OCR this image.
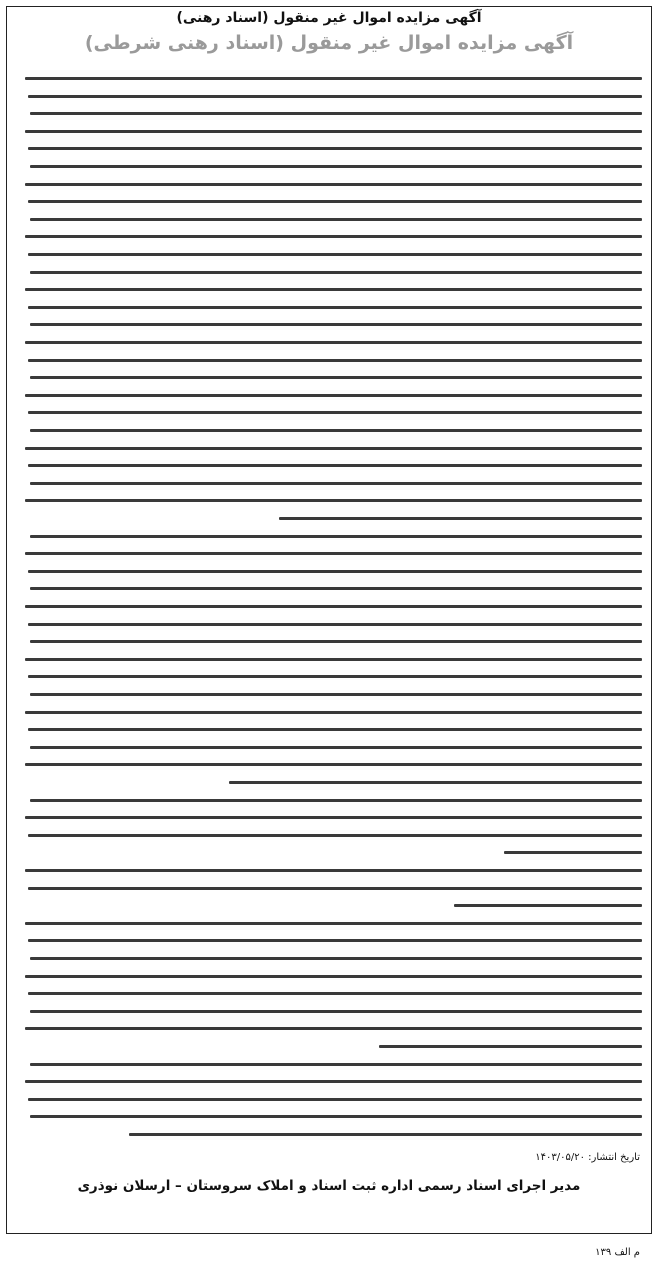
آگهی مزایده اموال غیر منقول (اسناد رهنی)
آگهی مزایده اموال غیر منقول (اسناد رهنی شرطی)
تاریخ انتشار: ۱۴۰۳/۰۵/۲۰
مدیر اجرای اسناد رسمی اداره ثبت اسناد و املاک سروستان – ارسلان نوذری
م الف ۱۳۹
